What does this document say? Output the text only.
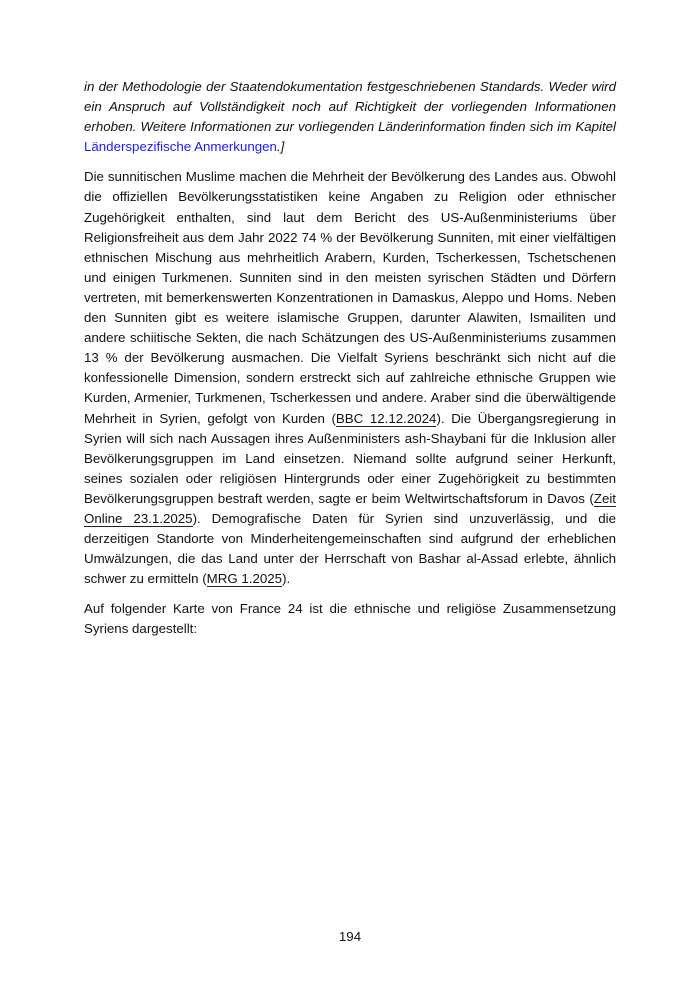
in der Methodologie der Staatendokumentation festgeschriebenen Standards. Weder wird ein Anspruch auf Vollständigkeit noch auf Richtigkeit der vorliegenden Informationen erhoben. Weitere Informationen zur vorliegenden Länderinformation finden sich im Kapitel Länderspezifische Anmerkungen.]

Die sunnitischen Muslime machen die Mehrheit der Bevölkerung des Landes aus. Obwohl die offiziellen Bevölkerungsstatistiken keine Angaben zu Religion oder ethnischer Zugehörigkeit enthalten, sind laut dem Bericht des US-Außenministeriums über Religionsfreiheit aus dem Jahr 2022 74 % der Bevölkerung Sunniten, mit einer vielfältigen ethnischen Mischung aus mehrheitlich Arabern, Kurden, Tscherkessen, Tschetschenen und einigen Turkmenen. Sunniten sind in den meisten syrischen Städten und Dörfern vertreten, mit bemerkenswerten Konzentrationen in Damaskus, Aleppo und Homs. Neben den Sunniten gibt es weitere islamische Gruppen, darunter Alawiten, Ismailiten und andere schiitische Sekten, die nach Schätzungen des US-Außenministeriums zusammen 13 % der Bevölkerung ausmachen. Die Vielfalt Syriens beschränkt sich nicht auf die konfessionelle Dimension, sondern erstreckt sich auf zahlreiche ethnische Gruppen wie Kurden, Armenier, Turkmenen, Tscherkessen und andere. Araber sind die überwältigende Mehrheit in Syrien, gefolgt von Kurden (BBC 12.12.2024). Die Übergangsregierung in Syrien will sich nach Aussagen ihres Außenministers ash-Shaybani für die Inklusion aller Bevölkerungsgruppen im Land einsetzen. Niemand sollte aufgrund seiner Herkunft, seines sozialen oder religiösen Hintergrunds oder einer Zugehörigkeit zu bestimmten Bevölkerungsgruppen bestraft werden, sagte er beim Weltwirtschaftsforum in Davos (Zeit Online 23.1.2025). Demografische Daten für Syrien sind unzuverlässig, und die derzeitigen Standorte von Minderheitengemeinschaften sind aufgrund der erheblichen Umwälzungen, die das Land unter der Herrschaft von Bashar al-Assad erlebte, ähnlich schwer zu ermitteln (MRG 1.2025).

Auf folgender Karte von France 24 ist die ethnische und religiöse Zusammensetzung Syriens dargestellt:

194
